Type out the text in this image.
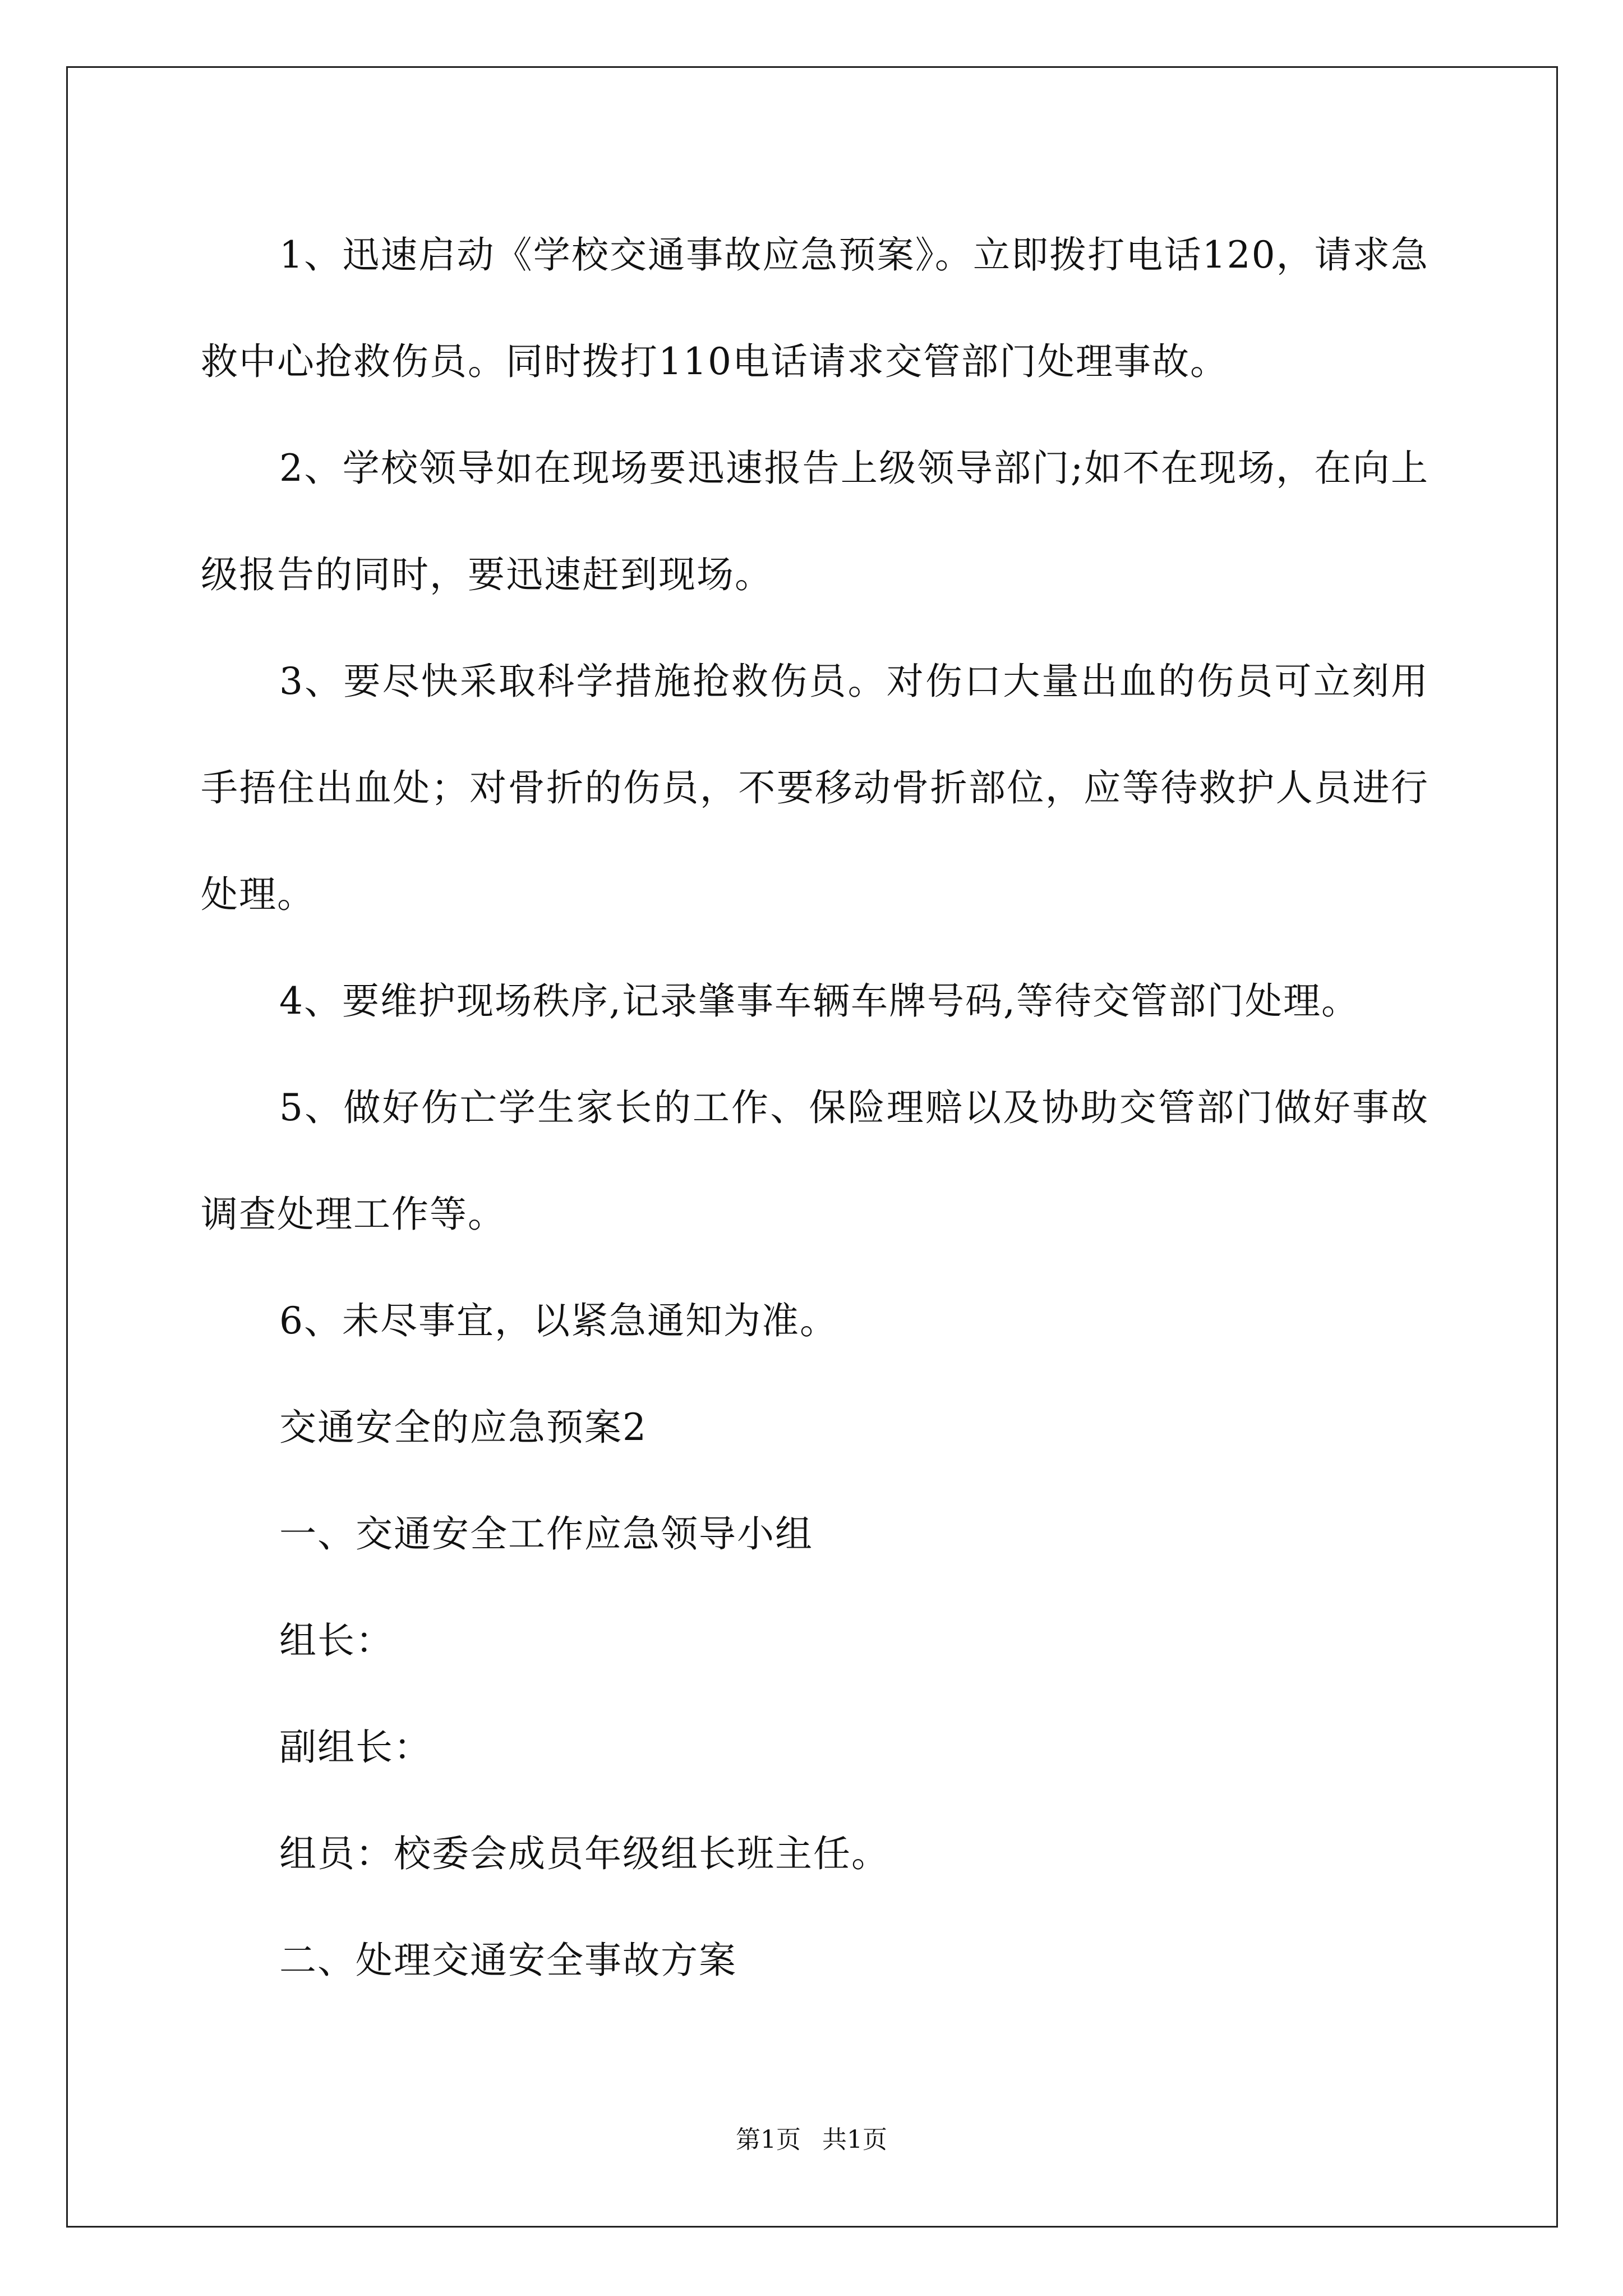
1、迅速启动《学校交通事故应急预案》。立即拨打电话120，请求急救中心抢救伤员。同时拨打110电话请求交管部门处理事故。

2、学校领导如在现场要迅速报告上级领导部门;如不在现场，在向上级报告的同时，要迅速赶到现场。

3、要尽快采取科学措施抢救伤员。对伤口大量出血的伤员可立刻用手捂住出血处；对骨折的伤员，不要移动骨折部位，应等待救护人员进行处理。

4、要维护现场秩序,记录肇事车辆车牌号码,等待交管部门处理。

5、做好伤亡学生家长的工作、保险理赔以及协助交管部门做好事故调查处理工作等。

6、未尽事宜，以紧急通知为准。

交通安全的应急预案2

一、交通安全工作应急领导小组

组长：

副组长：

组员：校委会成员年级组长班主任。

二、处理交通安全事故方案

第1页 共1页
